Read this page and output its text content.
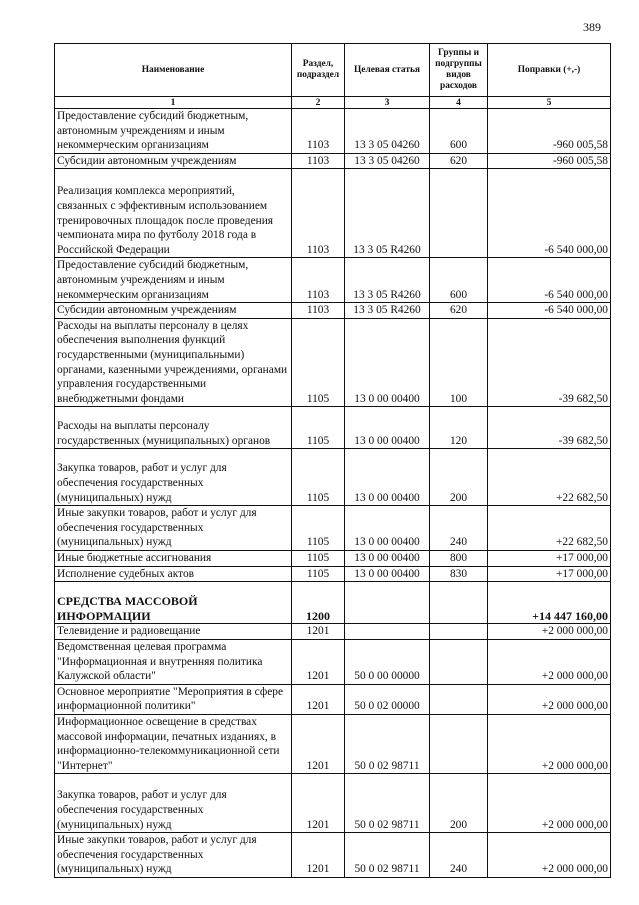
389
Наименование	Раздел, подраздел	Целевая статья	Группы и подгруппы видов расходов	Поправки (+,-)
1	2	3	4	5
Предоставление субсидий бюджетным, автономным учреждениям и иным некоммерческим организациям	1103	13 3 05 04260	600	-960 005,58
Субсидии автономным учреждениям	1103	13 3 05 04260	620	-960 005,58
Реализация комплекса мероприятий, связанных с эффективным использованием тренировочных площадок после проведения чемпионата мира по футболу 2018 года в Российской Федерации	1103	13 3 05 R4260		-6 540 000,00
Предоставление субсидий бюджетным, автономным учреждениям и иным некоммерческим организациям	1103	13 3 05 R4260	600	-6 540 000,00
Субсидии автономным учреждениям	1103	13 3 05 R4260	620	-6 540 000,00
Расходы на выплаты персоналу в целях обеспечения выполнения функций государственными (муниципальными) органами, казенными учреждениями, органами управления государственными внебюджетными фондами	1105	13 0 00 00400	100	-39 682,50
Расходы на выплаты персоналу государственных (муниципальных) органов	1105	13 0 00 00400	120	-39 682,50
Закупка товаров, работ и услуг для обеспечения государственных (муниципальных) нужд	1105	13 0 00 00400	200	+22 682,50
Иные закупки товаров, работ и услуг для обеспечения государственных (муниципальных) нужд	1105	13 0 00 00400	240	+22 682,50
Иные бюджетные ассигнования	1105	13 0 00 00400	800	+17 000,00
Исполнение судебных актов	1105	13 0 00 00400	830	+17 000,00
СРЕДСТВА МАССОВОЙ ИНФОРМАЦИИ	1200			+14 447 160,00
Телевидение и радиовещание	1201			+2 000 000,00
Ведомственная целевая программа "Информационная и внутренняя политика Калужской области"	1201	50 0 00 00000		+2 000 000,00
Основное мероприятие "Мероприятия в сфере информационной политики"	1201	50 0 02 00000		+2 000 000,00
Информационное освещение в средствах массовой информации, печатных изданиях, в информационно-телекоммуникационной сети "Интернет"	1201	50 0 02 98711		+2 000 000,00
Закупка товаров, работ и услуг для обеспечения государственных (муниципальных) нужд	1201	50 0 02 98711	200	+2 000 000,00
Иные закупки товаров, работ и услуг для обеспечения государственных (муниципальных) нужд	1201	50 0 02 98711	240	+2 000 000,00
